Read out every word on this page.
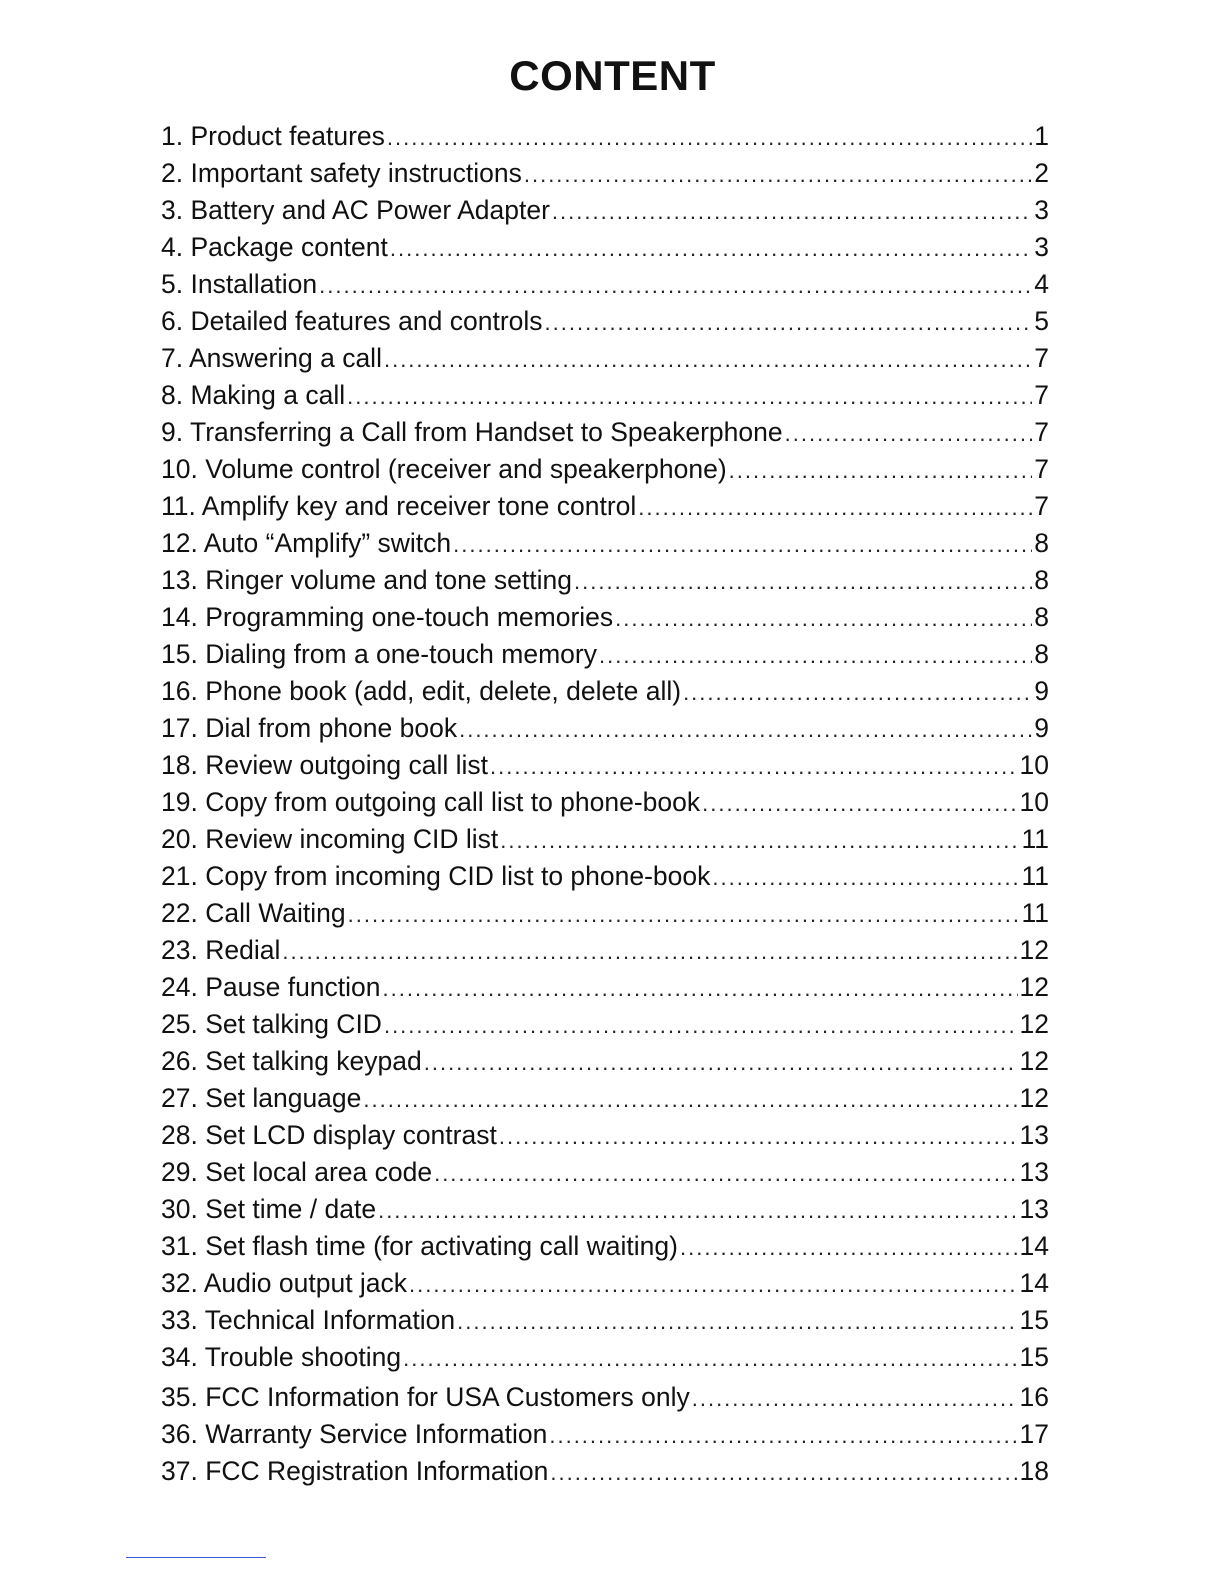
CONTENT
1. Product features .....	1
2. Important safety instructions .....	2
3. Battery and AC Power Adapter .....	3
4. Package content .....	3
5. Installation .....	4
6. Detailed features and controls .....	5
7. Answering a call .....	7
8. Making a call .....	7
9. Transferring a Call from Handset to Speakerphone .....	7
10. Volume control (receiver and speakerphone) .....	7
11. Amplify key and receiver tone control .....	7
12. Auto “Amplify” switch .....	8
13. Ringer volume and tone setting .....	8
14. Programming one-touch memories .....	8
15. Dialing from a one-touch memory .....	8
16. Phone book (add, edit, delete, delete all) .....	9
17. Dial from phone book .....	9
18. Review outgoing call list .....	10
19. Copy from outgoing call list to phone-book .....	10
20. Review incoming CID list .....	11
21. Copy from incoming CID list to phone-book .....	11
22. Call Waiting .....	11
23. Redial .....	12
24. Pause function .....	12
25. Set talking CID .....	12
26. Set talking keypad .....	12
27. Set language .....	12
28. Set LCD display contrast .....	13
29. Set local area code .....	13
30. Set time / date .....	13
31. Set flash time (for activating call waiting) .....	14
32. Audio output jack .....	14
33. Technical Information .....	15
34. Trouble shooting .....	15
35. FCC Information for USA Customers only .....	16
36. Warranty Service Information .....	17
37. FCC Registration Information .....	18
